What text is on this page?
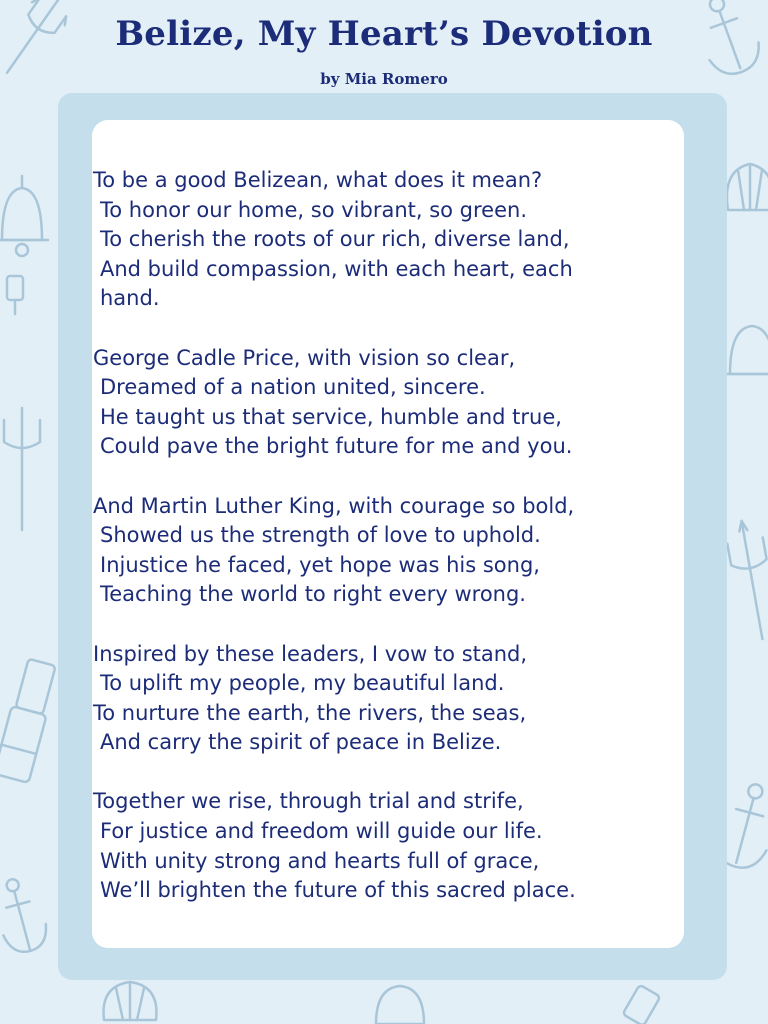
Belize, My Heart’s Devotion
by Mia Romero
To be a good Belizean, what does it mean?
To honor our home, so vibrant, so green.
To cherish the roots of our rich, diverse land,
And build compassion, with each heart, each
hand.
George Cadle Price, with vision so clear,
Dreamed of a nation united, sincere.
He taught us that service, humble and true,
Could pave the bright future for me and you.
And Martin Luther King, with courage so bold,
Showed us the strength of love to uphold.
Injustice he faced, yet hope was his song,
Teaching the world to right every wrong.
Inspired by these leaders, I vow to stand,
To uplift my people, my beautiful land.
To nurture the earth, the rivers, the seas,
And carry the spirit of peace in Belize.
Together we rise, through trial and strife,
For justice and freedom will guide our life.
With unity strong and hearts full of grace,
We’ll brighten the future of this sacred place.
